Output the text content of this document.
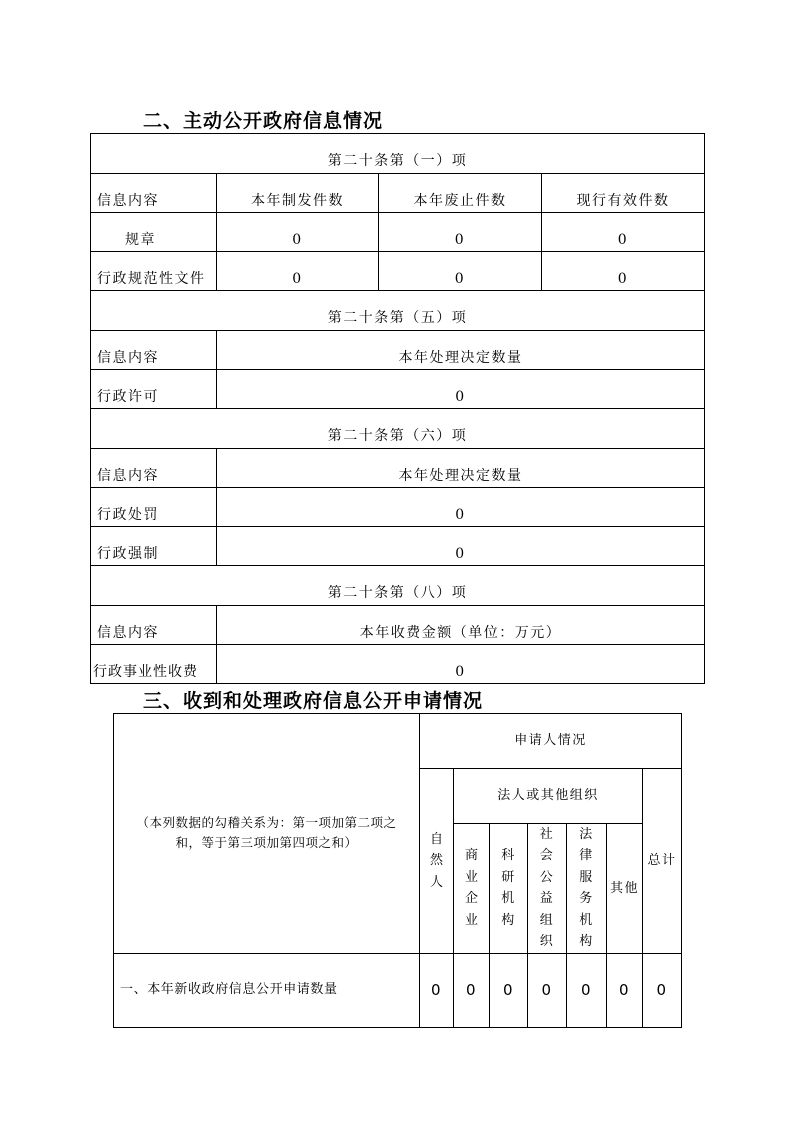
二、主动公开政府信息情况
第二十条第（一）项			
信息内容	本年制发件数	本年废止件数	现行有效件数
规章	0	0	0
行政规范性文件	0	0	0
第二十条第（五）项			
信息内容	本年处理决定数量		
行政许可	0		
第二十条第（六）项			
信息内容	本年处理决定数量		
行政处罚	0		
行政强制	0		
第二十条第（八）项			
信息内容	本年收费金额（单位：万元）		
行政事业性收费	0		
三、收到和处理政府信息公开申请情况
（本列数据的勾稽关系为：第一项加第二项之和，等于第三项加第四项之和）	申请人情况						
	自然人	法人或其他组织					总计
		商业企业	科研机构	社会公益组织	法律服务机构	其他	
一、本年新收政府信息公开申请数量	0	0	0	0	0	0	0
